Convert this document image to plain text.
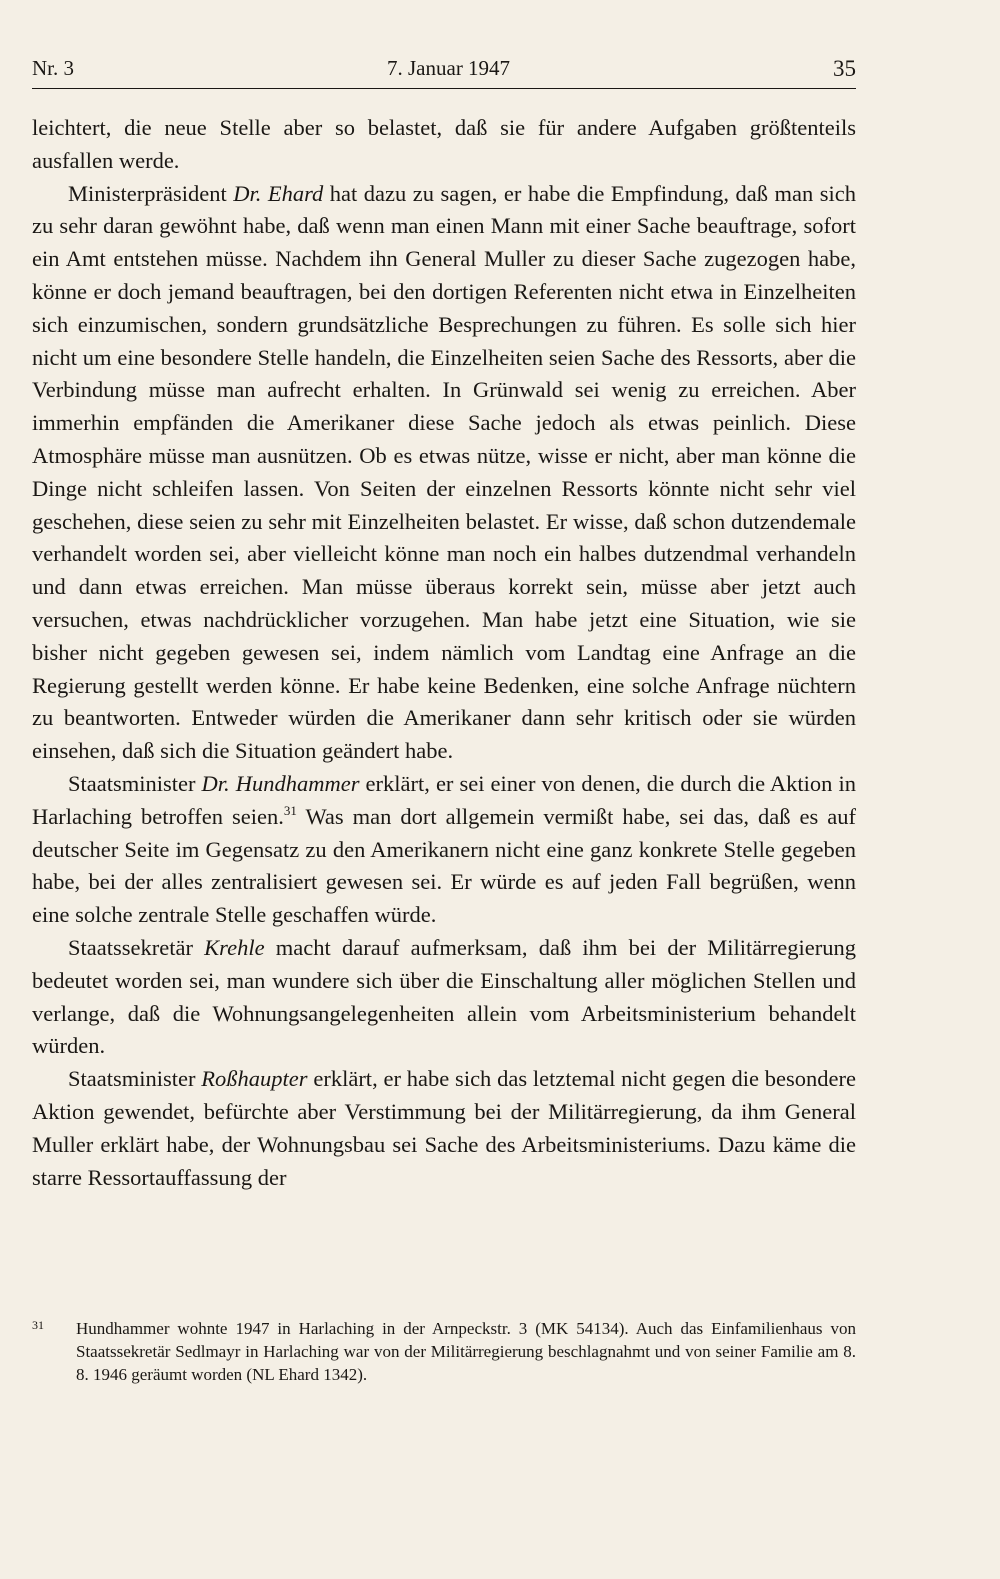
Nr. 3	7. Januar 1947	35

leichtert, die neue Stelle aber so belastet, daß sie für andere Aufgaben größtenteils ausfallen werde.

Ministerpräsident Dr. Ehard hat dazu zu sagen, er habe die Empfindung, daß man sich zu sehr daran gewöhnt habe, daß wenn man einen Mann mit einer Sache beauftrage, sofort ein Amt entstehen müsse. Nachdem ihn General Muller zu dieser Sache zugezogen habe, könne er doch jemand beauftragen, bei den dortigen Referenten nicht etwa in Einzelheiten sich einzumischen, sondern grundsätzliche Besprechungen zu führen. Es solle sich hier nicht um eine besondere Stelle handeln, die Einzelheiten seien Sache des Ressorts, aber die Verbindung müsse man aufrecht erhalten. In Grünwald sei wenig zu erreichen. Aber immerhin empfänden die Amerikaner diese Sache jedoch als etwas peinlich. Diese Atmosphäre müsse man ausnützen. Ob es etwas nütze, wisse er nicht, aber man könne die Dinge nicht schleifen lassen. Von Seiten der einzelnen Ressorts könnte nicht sehr viel geschehen, diese seien zu sehr mit Einzelheiten belastet. Er wisse, daß schon dutzendemale verhandelt worden sei, aber vielleicht könne man noch ein halbes dutzendmal verhandeln und dann etwas erreichen. Man müsse überaus korrekt sein, müsse aber jetzt auch versuchen, etwas nachdrücklicher vorzugehen. Man habe jetzt eine Situation, wie sie bisher nicht gegeben gewesen sei, indem nämlich vom Landtag eine Anfrage an die Regierung gestellt werden könne. Er habe keine Bedenken, eine solche Anfrage nüchtern zu beantworten. Entweder würden die Amerikaner dann sehr kritisch oder sie würden einsehen, daß sich die Situation geändert habe.

Staatsminister Dr. Hundhammer erklärt, er sei einer von denen, die durch die Aktion in Harlaching betroffen seien.$^{31}$ Was man dort allgemein vermißt habe, sei das, daß es auf deutscher Seite im Gegensatz zu den Amerikanern nicht eine ganz konkrete Stelle gegeben habe, bei der alles zentralisiert gewesen sei. Er würde es auf jeden Fall begrüßen, wenn eine solche zentrale Stelle geschaffen würde.

Staatssekretär Krehle macht darauf aufmerksam, daß ihm bei der Militärregierung bedeutet worden sei, man wundere sich über die Einschaltung aller möglichen Stellen und verlange, daß die Wohnungsangelegenheiten allein vom Arbeitsministerium behandelt würden.

Staatsminister Roßhaupter erklärt, er habe sich das letztemal nicht gegen die besondere Aktion gewendet, befürchte aber Verstimmung bei der Militärregierung, da ihm General Muller erklärt habe, der Wohnungsbau sei Sache des Arbeitsministeriums. Dazu käme die starre Ressortauffassung der

31 Hundhammer wohnte 1947 in Harlaching in der Arnpeckstr. 3 (MK 54134). Auch das Einfamilienhaus von Staatssekretär Sedlmayr in Harlaching war von der Militärregierung beschlagnahmt und von seiner Familie am 8. 8. 1946 geräumt worden (NL Ehard 1342).
